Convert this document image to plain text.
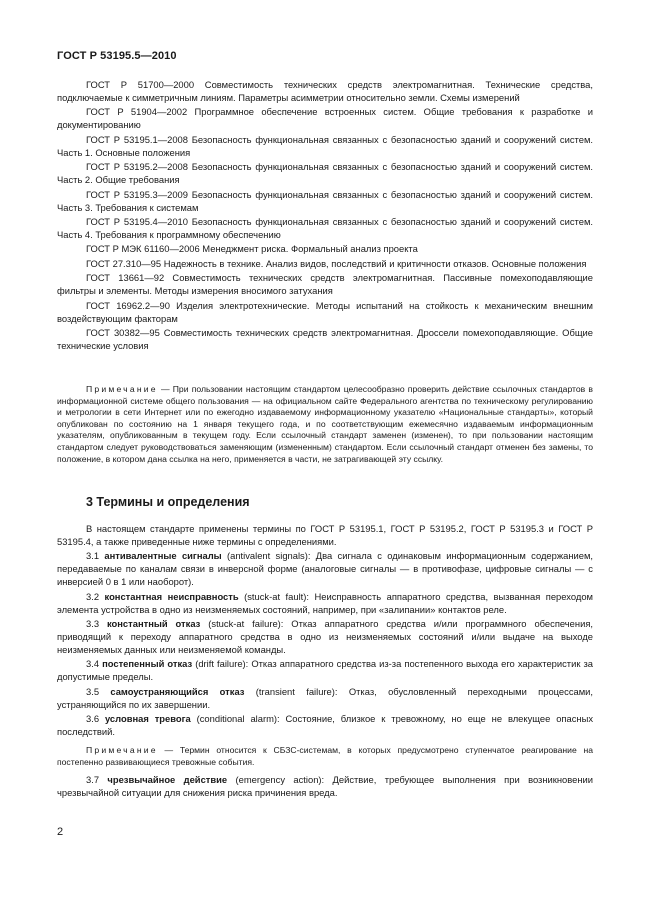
ГОСТ Р 53195.5—2010

ГОСТ Р 51700—2000 Совместимость технических средств электромагнитная. Технические средства, подключаемые к симметричным линиям. Параметры асимметрии относительно земли. Схемы измерений

ГОСТ Р 51904—2002 Программное обеспечение встроенных систем. Общие требования к разработке и документированию

ГОСТ Р 53195.1—2008 Безопасность функциональная связанных с безопасностью зданий и сооружений систем. Часть 1. Основные положения

ГОСТ Р 53195.2—2008 Безопасность функциональная связанных с безопасностью зданий и сооружений систем. Часть 2. Общие требования

ГОСТ Р 53195.3—2009 Безопасность функциональная связанных с безопасностью зданий и сооружений систем. Часть 3. Требования к системам

ГОСТ Р 53195.4—2010 Безопасность функциональная связанных с безопасностью зданий и сооружений систем. Часть 4. Требования к программному обеспечению

ГОСТ Р МЭК 61160—2006 Менеджмент риска. Формальный анализ проекта

ГОСТ 27.310—95 Надежность в технике. Анализ видов, последствий и критичности отказов. Основные положения

ГОСТ 13661—92 Совместимость технических средств электромагнитная. Пассивные помехоподавляющие фильтры и элементы. Методы измерения вносимого затухания

ГОСТ 16962.2—90 Изделия электротехнические. Методы испытаний на стойкость к механическим внешним воздействующим факторам

ГОСТ 30382—95 Совместимость технических средств электромагнитная. Дроссели помехоподавляющие. Общие технические условия

Примечание — При пользовании настоящим стандартом целесообразно проверить действие ссылочных стандартов в информационной системе общего пользования — на официальном сайте Федерального агентства по техническому регулированию и метрологии в сети Интернет или по ежегодно издаваемому информационному указателю «Национальные стандарты», который опубликован по состоянию на 1 января текущего года, и по соответствующим ежемесячно издаваемым информационным указателям, опубликованным в текущем году. Если ссылочный стандарт заменен (изменен), то при пользовании настоящим стандартом следует руководствоваться заменяющим (измененным) стандартом. Если ссылочный стандарт отменен без замены, то положение, в котором дана ссылка на него, применяется в части, не затрагивающей эту ссылку.

3 Термины и определения

В настоящем стандарте применены термины по ГОСТ Р 53195.1, ГОСТ Р 53195.2, ГОСТ Р 53195.3 и ГОСТ Р 53195.4, а также приведенные ниже термины с определениями.

3.1 антивалентные сигналы (antivalent signals): Два сигнала с одинаковым информационным содержанием, передаваемые по каналам связи в инверсной форме (аналоговые сигналы — в противофазе, цифровые сигналы — с инверсией 0 в 1 или наоборот).

3.2 константная неисправность (stuck-at fault): Неисправность аппаратного средства, вызванная переходом элемента устройства в одно из неизменяемых состояний, например, при «залипании» контактов реле.

3.3 константный отказ (stuck-at failure): Отказ аппаратного средства и/или программного обеспечения, приводящий к переходу аппаратного средства в одно из неизменяемых состояний и/или выдаче на выходе неизменяемых данных или неизменяемой команды.

3.4 постепенный отказ (drift failure): Отказ аппаратного средства из-за постепенного выхода его характеристик за допустимые пределы.

3.5 самоустраняющийся отказ (transient failure): Отказ, обусловленный переходными процессами, устраняющийся по их завершении.

3.6 условная тревога (conditional alarm): Состояние, близкое к тревожному, но еще не влекущее опасных последствий.

Примечание — Термин относится к СБЗС-системам, в которых предусмотрено ступенчатое реагирование на постепенно развивающиеся тревожные события.

3.7 чрезвычайное действие (emergency action): Действие, требующее выполнения при возникновении чрезвычайной ситуации для снижения риска причинения вреда.

2
